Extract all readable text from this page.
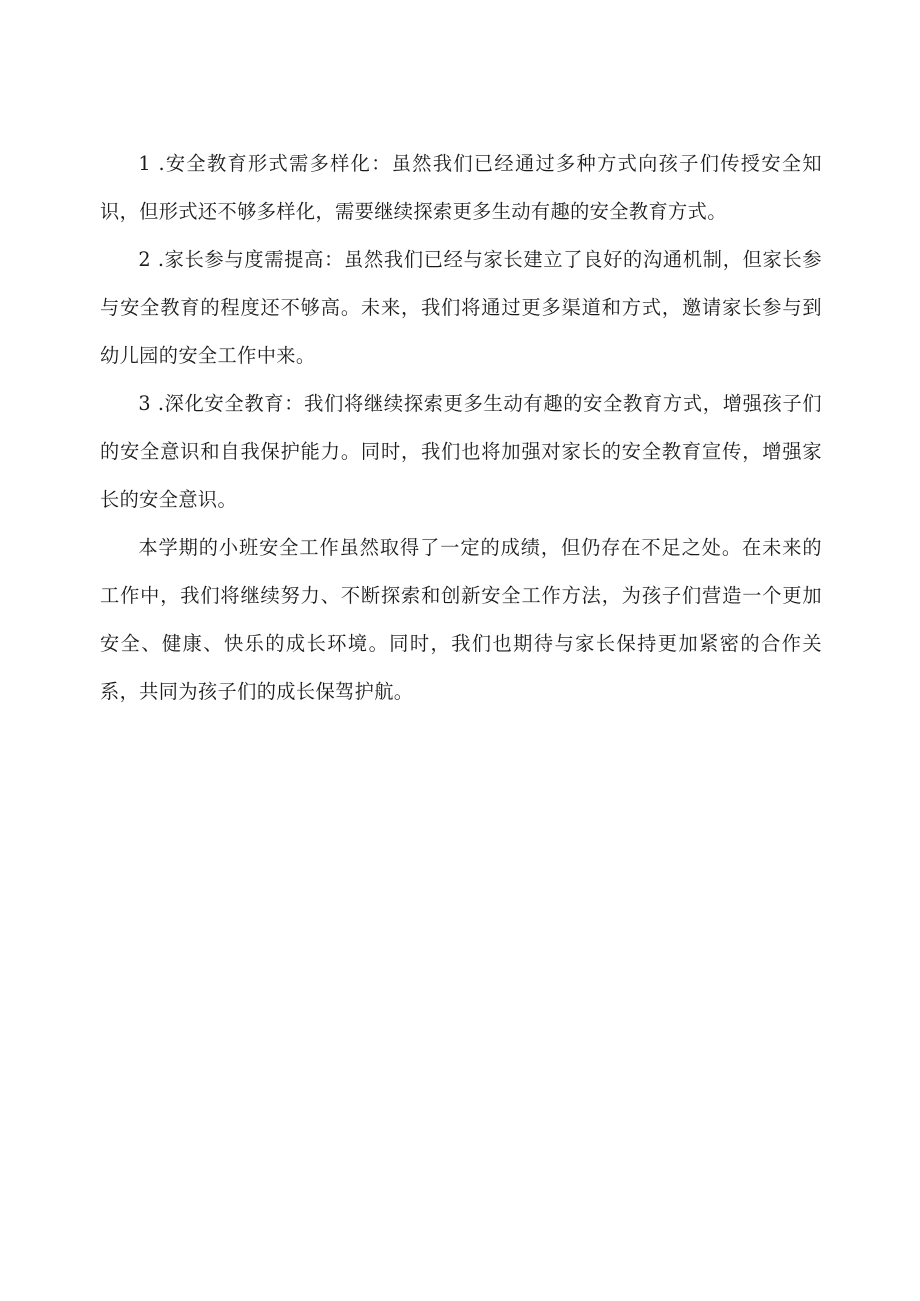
1 .安全教育形式需多样化：虽然我们已经通过多种方式向孩子们传授安全知识，但形式还不够多样化，需要继续探索更多生动有趣的安全教育方式。

2 .家长参与度需提高：虽然我们已经与家长建立了良好的沟通机制，但家长参与安全教育的程度还不够高。未来，我们将通过更多渠道和方式，邀请家长参与到幼儿园的安全工作中来。

3 .深化安全教育：我们将继续探索更多生动有趣的安全教育方式，增强孩子们的安全意识和自我保护能力。同时，我们也将加强对家长的安全教育宣传，增强家长的安全意识。

本学期的小班安全工作虽然取得了一定的成绩，但仍存在不足之处。在未来的工作中，我们将继续努力、不断探索和创新安全工作方法，为孩子们营造一个更加安全、健康、快乐的成长环境。同时，我们也期待与家长保持更加紧密的合作关系，共同为孩子们的成长保驾护航。
